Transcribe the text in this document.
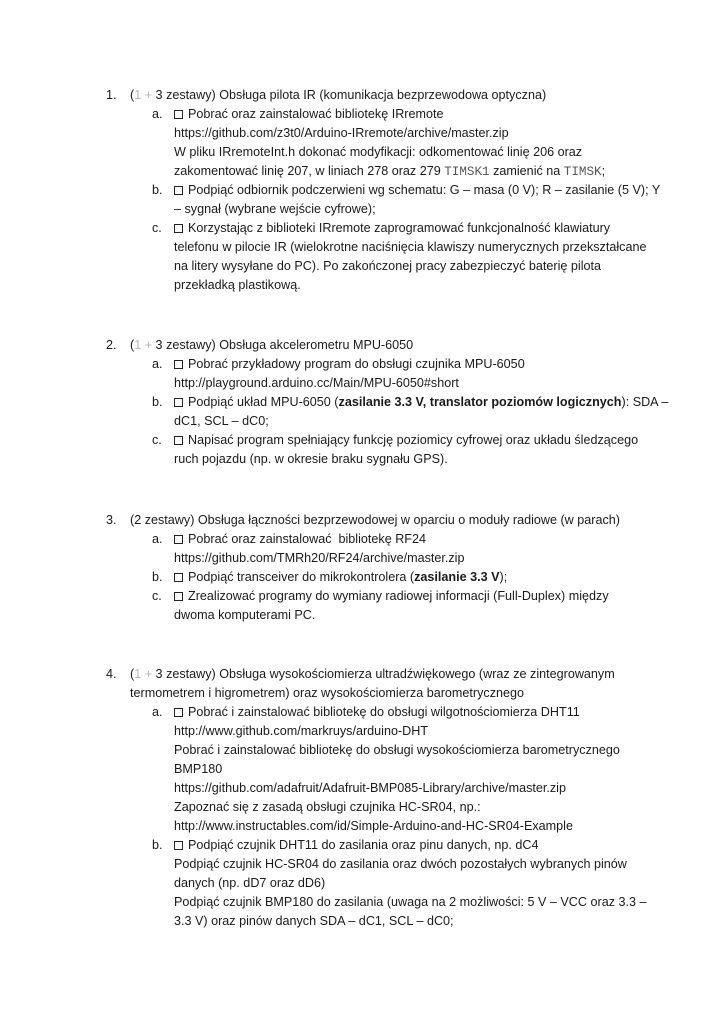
1. (1 + 3 zestawy) Obsługa pilota IR (komunikacja bezprzewodowa optyczna)
a.	Pobrać oraz zainstalować bibliotekę IRremote
https://github.com/z3t0/Arduino-IRremote/archive/master.zip
W pliku IRremoteInt.h dokonać modyfikacji: odkomentować linię 206 oraz
zakomentować linię 207, w liniach 278 oraz 279 TIMSK1 zamienić na TIMSK;
b.	Podpiąć odbiornik podczerwieni wg schematu: G – masa (0 V); R – zasilanie (5 V); Y
– sygnał (wybrane wejście cyfrowe);
c.	Korzystając z biblioteki IRremote zaprogramować funkcjonalność klawiatury
telefonu w pilocie IR (wielokrotne naciśnięcia klawiszy numerycznych przekształcane
na litery wysyłane do PC). Po zakończonej pracy zabezpieczyć baterię pilota
przekładką plastikową.
2. (1 + 3 zestawy) Obsługa akcelerometru MPU-6050
a.	Pobrać przykładowy program do obsługi czujnika MPU-6050
http://playground.arduino.cc/Main/MPU-6050#short
b.	Podpiąć układ MPU-6050 (zasilanie 3.3 V, translator poziomów logicznych): SDA –
dC1, SCL – dC0;
c.	Napisać program spełniający funkcję poziomicy cyfrowej oraz układu śledzącego
ruch pojazdu (np. w okresie braku sygnału GPS).
3. (2 zestawy) Obsługa łączności bezprzewodowej w oparciu o moduły radiowe (w parach)
a.	Pobrać oraz zainstalować  bibliotekę RF24
https://github.com/TMRh20/RF24/archive/master.zip
b.	Podpiąć transceiver do mikrokontrolera (zasilanie 3.3 V);
c.	Zrealizować programy do wymiany radiowej informacji (Full-Duplex) między
dwoma komputerami PC.
4. (1 + 3 zestawy) Obsługa wysokościomierza ultradźwiękowego (wraz ze zintegrowanym
termometrem i higrometrem) oraz wysokościomierza barometrycznego
a.	Pobrać i zainstalować bibliotekę do obsługi wilgotnościomierza DHT11
http://www.github.com/markruys/arduino-DHT
Pobrać i zainstalować bibliotekę do obsługi wysokościomierza barometrycznego
BMP180
https://github.com/adafruit/Adafruit-BMP085-Library/archive/master.zip
Zapoznać się z zasadą obsługi czujnika HC-SR04, np.:
http://www.instructables.com/id/Simple-Arduino-and-HC-SR04-Example
b.	Podpiąć czujnik DHT11 do zasilania oraz pinu danych, np. dC4
Podpiąć czujnik HC-SR04 do zasilania oraz dwóch pozostałych wybranych pinów
danych (np. dD7 oraz dD6)
Podpiąć czujnik BMP180 do zasilania (uwaga na 2 możliwości: 5 V – VCC oraz 3.3 –
3.3 V) oraz pinów danych SDA – dC1, SCL – dC0;
